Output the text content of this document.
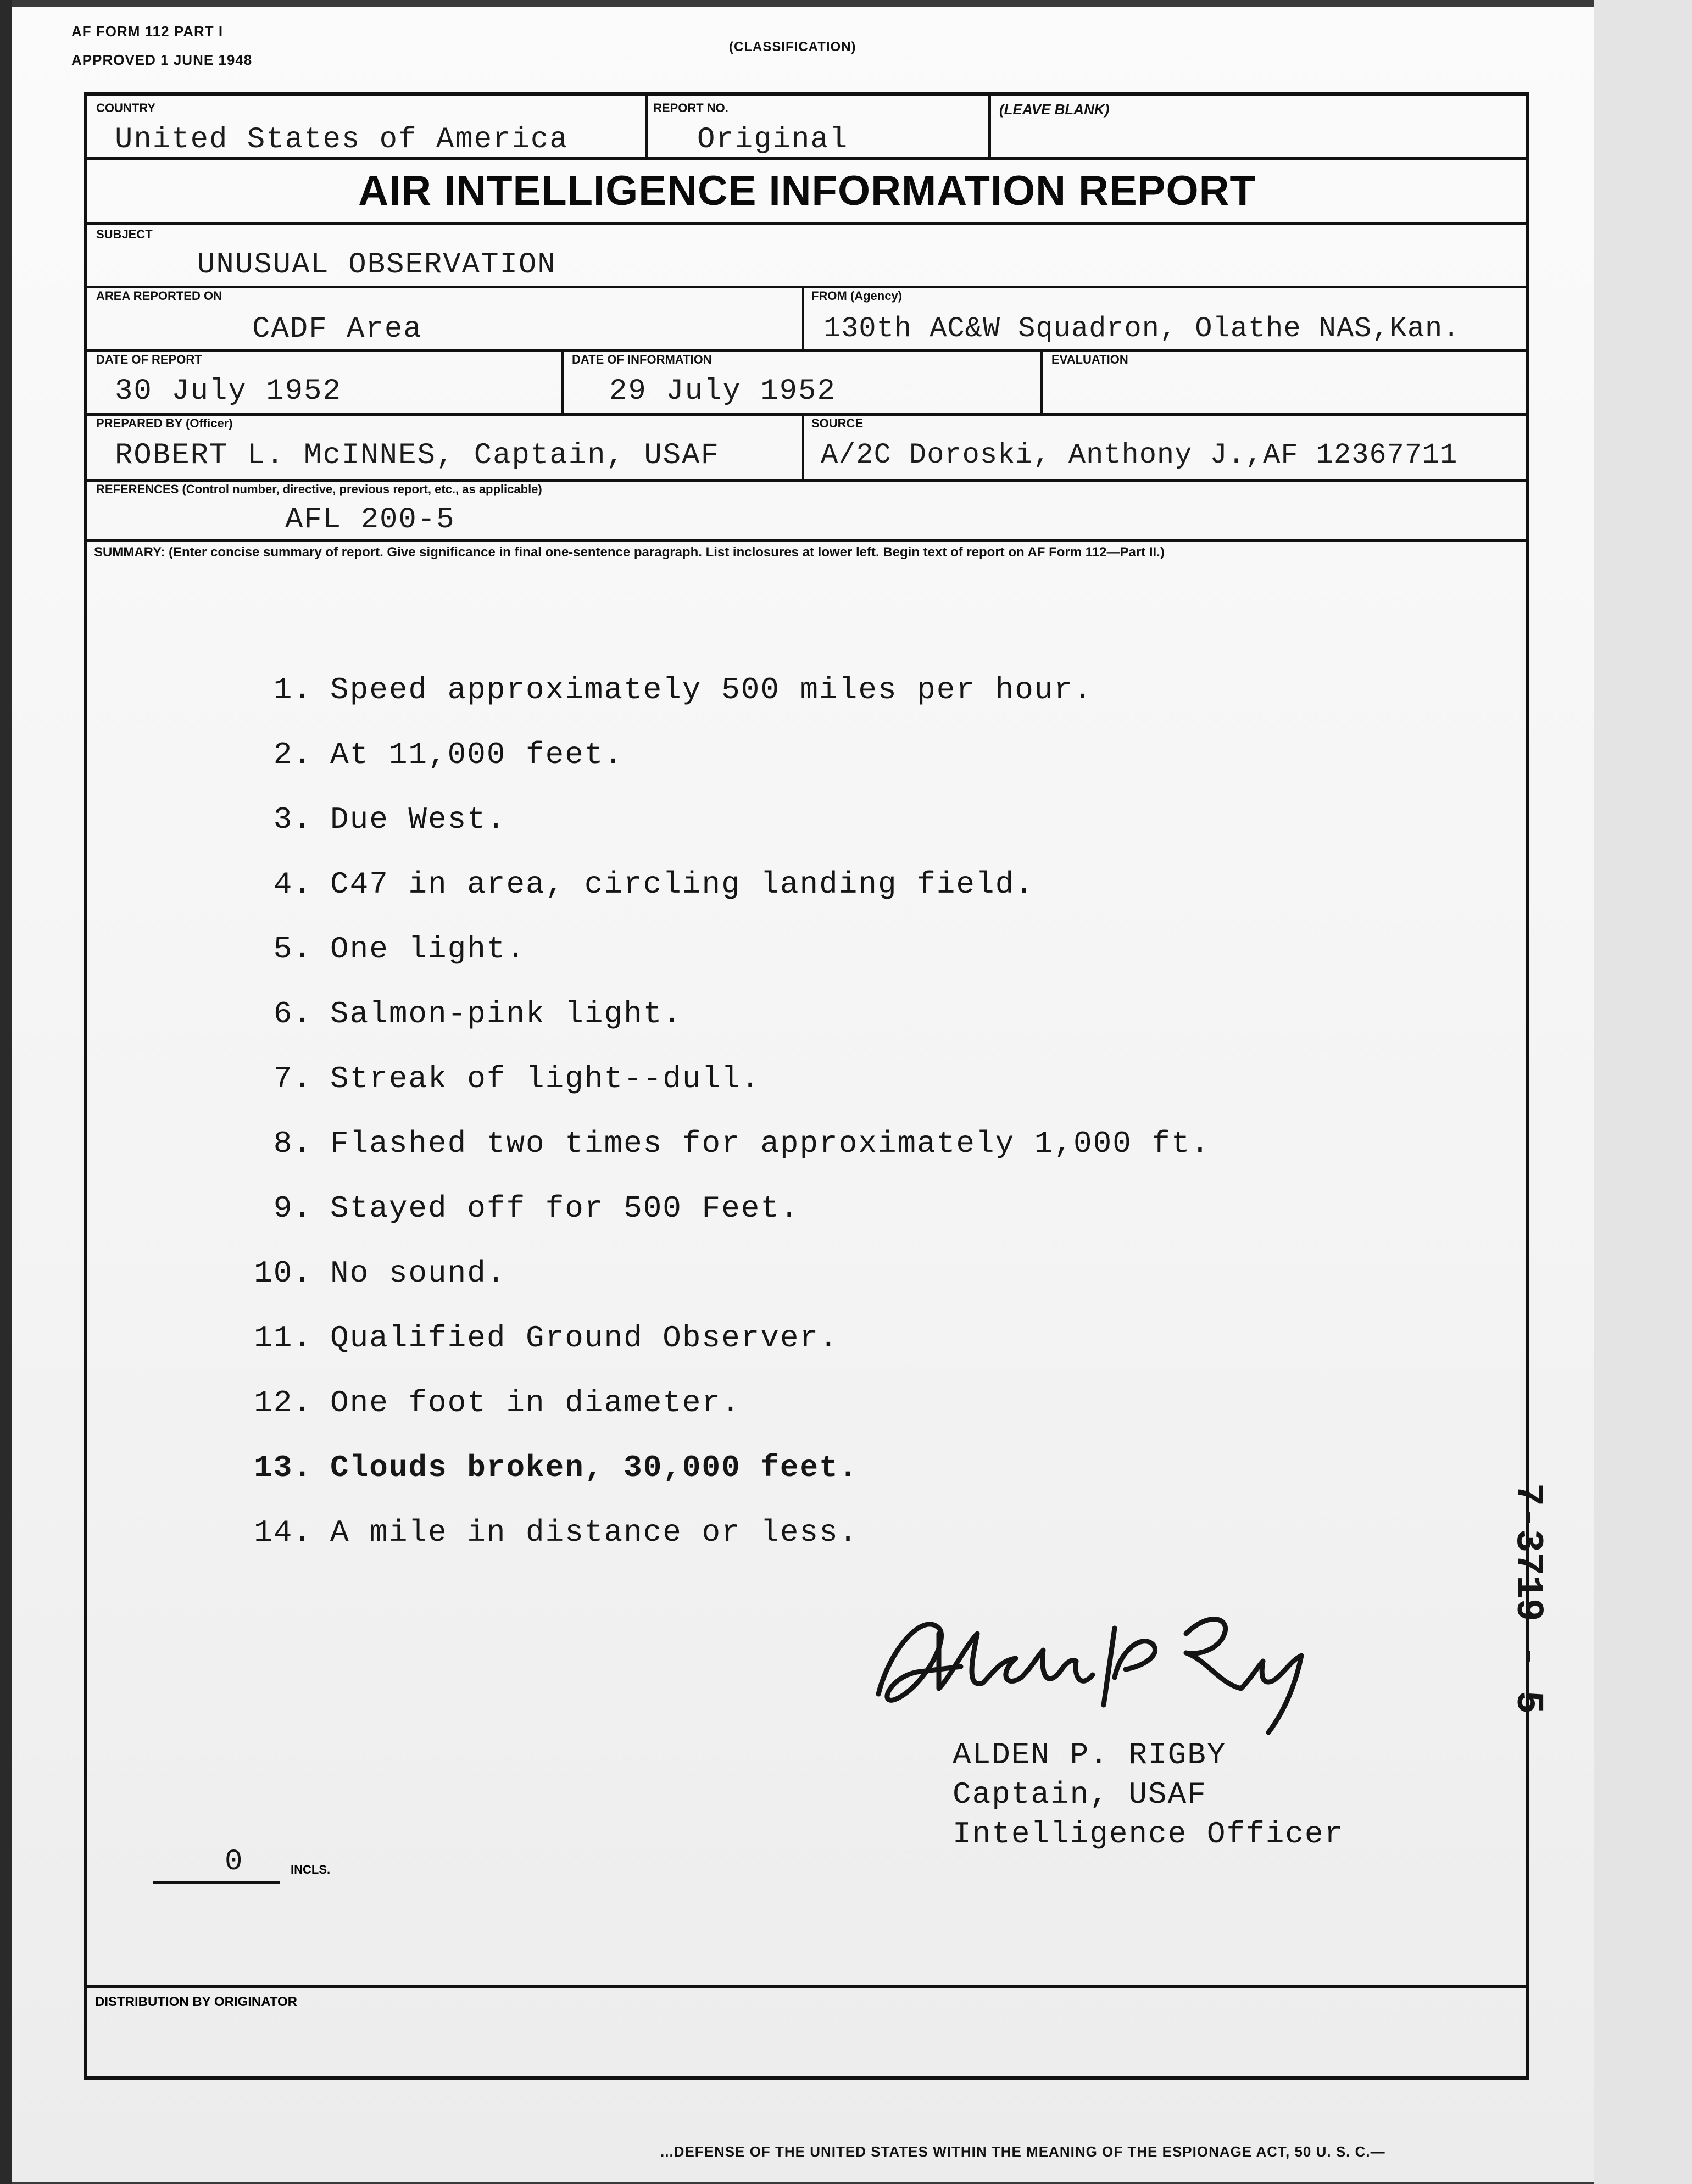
AF FORM 112 PART I
APPROVED 1 JUNE 1948
(CLASSIFICATION)
COUNTRY
United States of America
REPORT NO.
Original
(LEAVE BLANK)
AIR INTELLIGENCE INFORMATION REPORT
SUBJECT
UNUSUAL OBSERVATION
AREA REPORTED ON
CADF Area
FROM (Agency)
130th AC&W Squadron, Olathe NAS,Kan.
DATE OF REPORT
30 July 1952
DATE OF INFORMATION
29 July 1952
EVALUATION
PREPARED BY (Officer)
ROBERT L. McINNES, Captain, USAF
SOURCE
A/2C Doroski, Anthony J.,AF 12367711
REFERENCES (Control number, directive, previous report, etc., as applicable)
AFL 200-5
SUMMARY: (Enter concise summary of report. Give significance in final one-sentence paragraph. List inclosures at lower left. Begin text of report on AF Form 112—Part II.)
1. Speed approximately 500 miles per hour.
2. At 11,000 feet.
3. Due West.
4. C47 in area, circling landing field.
5. One light.
6. Salmon-pink light.
7. Streak of light--dull.
8. Flashed two times for approximately 1,000 ft.
9. Stayed off for 500 Feet.
10. No sound.
11. Qualified Ground Observer.
12. One foot in diameter.
13. Clouds broken, 30,000 feet.
14. A mile in distance or less.
Alden P. Rigby
ALDEN P. RIGBY
Captain, USAF
Intelligence Officer
0	INCLS.
DISTRIBUTION BY ORIGINATOR
...DEFENSE OF THE UNITED STATES WITHIN THE MEANING OF THE ESPIONAGE ACT, 50 U. S. C.—
7-3719 - 5
